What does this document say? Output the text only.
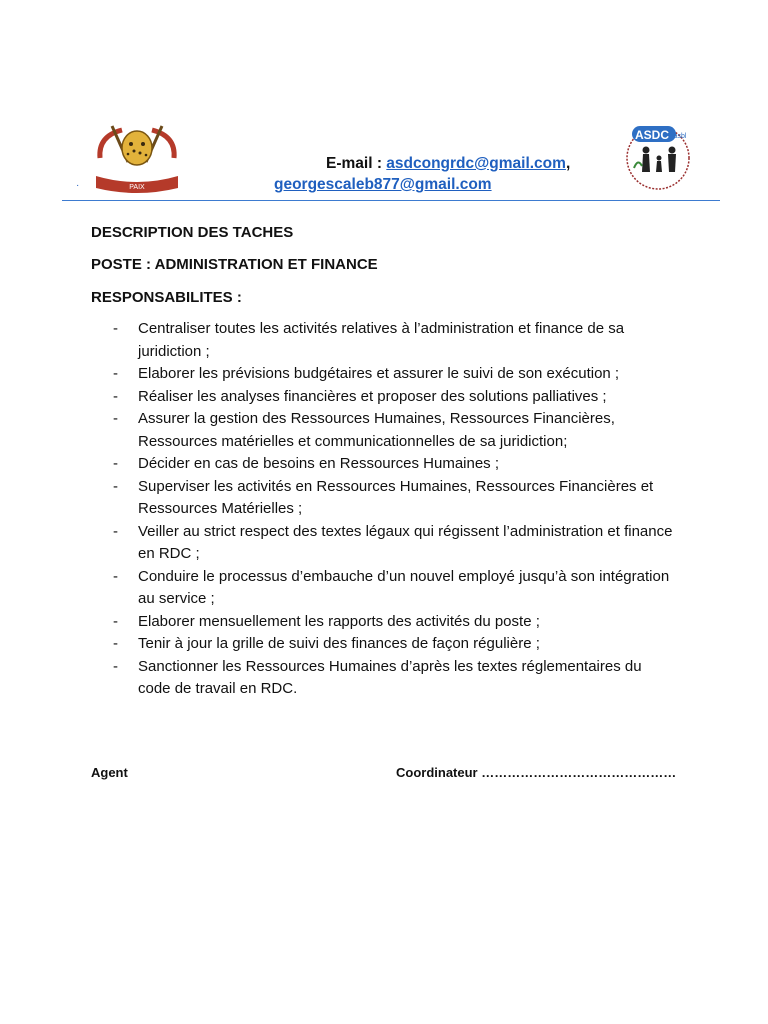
PAIX
ASDC asbl
E-mail : asdcongrdc@gmail.com,
georgescaleb877@gmail.com
·
DESCRIPTION DES TACHES
POSTE : ADMINISTRATION ET FINANCE
RESPONSABILITES :
- Centraliser toutes les activités relatives à l’administration et finance de sa juridiction ;
- Elaborer les prévisions budgétaires et assurer le suivi de son exécution ;
- Réaliser les analyses financières et proposer des solutions palliatives ;
- Assurer la gestion des Ressources Humaines, Ressources Financières, Ressources matérielles et communicationnelles de sa juridiction;
- Décider en cas de besoins en Ressources Humaines ;
- Superviser les activités en Ressources Humaines, Ressources Financières et Ressources Matérielles ;
- Veiller au strict respect des textes légaux qui régissent l’administration et finance en RDC ;
- Conduire le processus d’embauche d’un nouvel employé jusqu’à son intégration au service ;
- Elaborer mensuellement les rapports des activités du poste ;
- Tenir à jour la grille de suivi des finances de façon régulière ;
- Sanctionner les Ressources Humaines d’après les textes réglementaires du code de travail en RDC.
Agent	Coordinateur ………………………………………
